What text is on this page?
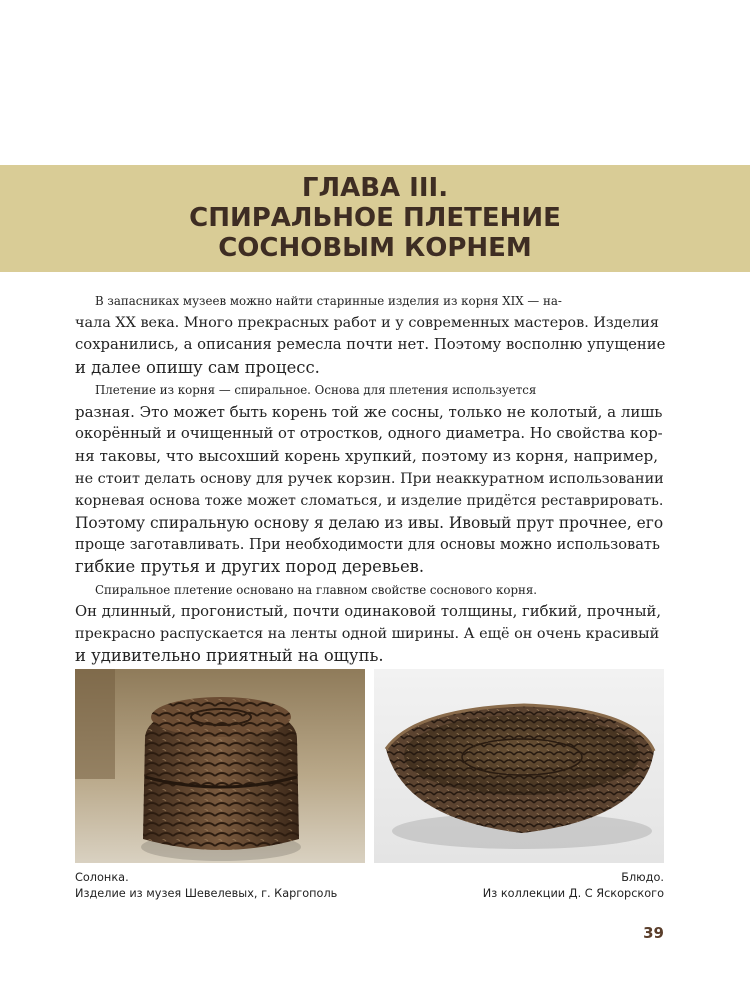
ГЛАВА III.
СПИРАЛЬНОЕ ПЛЕТЕНИЕ
СОСНОВЫМ КОРНЕМ
В запасниках музеев можно найти старинные изделия из корня XIX — на-
чала XX века. Много прекрасных работ и у современных мастеров. Изделия
сохранились, а описания ремесла почти нет. Поэтому восполню упущение
и далее опишу сам процесс.
Плетение из корня — спиральное. Основа для плетения используется
разная. Это может быть корень той же сосны, только не колотый, а лишь
окорённый и очищенный от отростков, одного диаметра. Но свойства кор-
ня таковы, что высохший корень хрупкий, поэтому из корня, например,
не стоит делать основу для ручек корзин. При неаккуратном использовании
корневая основа тоже может сломаться, и изделие придётся реставрировать.
Поэтому спиральную основу я делаю из ивы. Ивовый прут прочнее, его
проще заготавливать. При необходимости для основы можно использовать
гибкие прутья и других пород деревьев.
Спиральное плетение основано на главном свойстве соснового корня.
Он длинный, прогонистый, почти одинаковой толщины, гибкий, прочный,
прекрасно распускается на ленты одной ширины. А ещё он очень красивый
и удивительно приятный на ощупь.
Солонка.
Изделие из музея Шевелевых, г. Каргополь
Блюдо.
Из коллекции Д. С Яскорского
39
